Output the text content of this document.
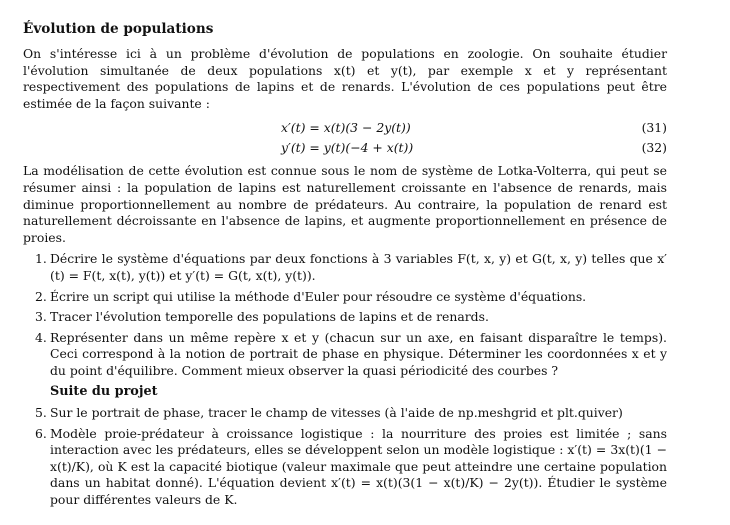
Évolution de populations

On s'intéresse ici à un problème d'évolution de populations en zoologie. On souhaite étudier l'évolution simultanée de deux populations x(t) et y(t), par exemple x et y représentant respectivement des populations de lapins et de renards. L'évolution de ces populations peut être estimée de la façon suivante :

x′(t) = x(t)(3 − 2y(t))	(31)
y′(t) = y(t)(−4 + x(t))	(32)

La modélisation de cette évolution est connue sous le nom de système de Lotka-Volterra, qui peut se résumer ainsi : la population de lapins est naturellement croissante en l'absence de renards, mais diminue proportionnellement au nombre de prédateurs. Au contraire, la population de renard est naturellement décroissante en l'absence de lapins, et augmente proportionnellement en présence de proies.

1. Décrire le système d'équations par deux fonctions à 3 variables F(t, x, y) et G(t, x, y) telles que x′(t) = F(t, x(t), y(t)) et y′(t) = G(t, x(t), y(t)).
2. Écrire un script qui utilise la méthode d'Euler pour résoudre ce système d'équations.
3. Tracer l'évolution temporelle des populations de lapins et de renards.
4. Représenter dans un même repère x et y (chacun sur un axe, en faisant disparaître le temps). Ceci correspond à la notion de portrait de phase en physique. Déterminer les coordonnées x et y du point d'équilibre. Comment mieux observer la quasi périodicité des courbes ?
Suite du projet
5. Sur le portrait de phase, tracer le champ de vitesses (à l'aide de np.meshgrid et plt.quiver)
6. Modèle proie-prédateur à croissance logistique : la nourriture des proies est limitée ; sans interaction avec les prédateurs, elles se développent selon un modèle logistique : x′(t) = 3x(t)(1 − x(t)/K), où K est la capacité biotique (valeur maximale que peut atteindre une certaine population dans un habitat donné). L'équation devient x′(t) = x(t)(3(1 − x(t)/K) − 2y(t)). Étudier le système pour différentes valeurs de K.
